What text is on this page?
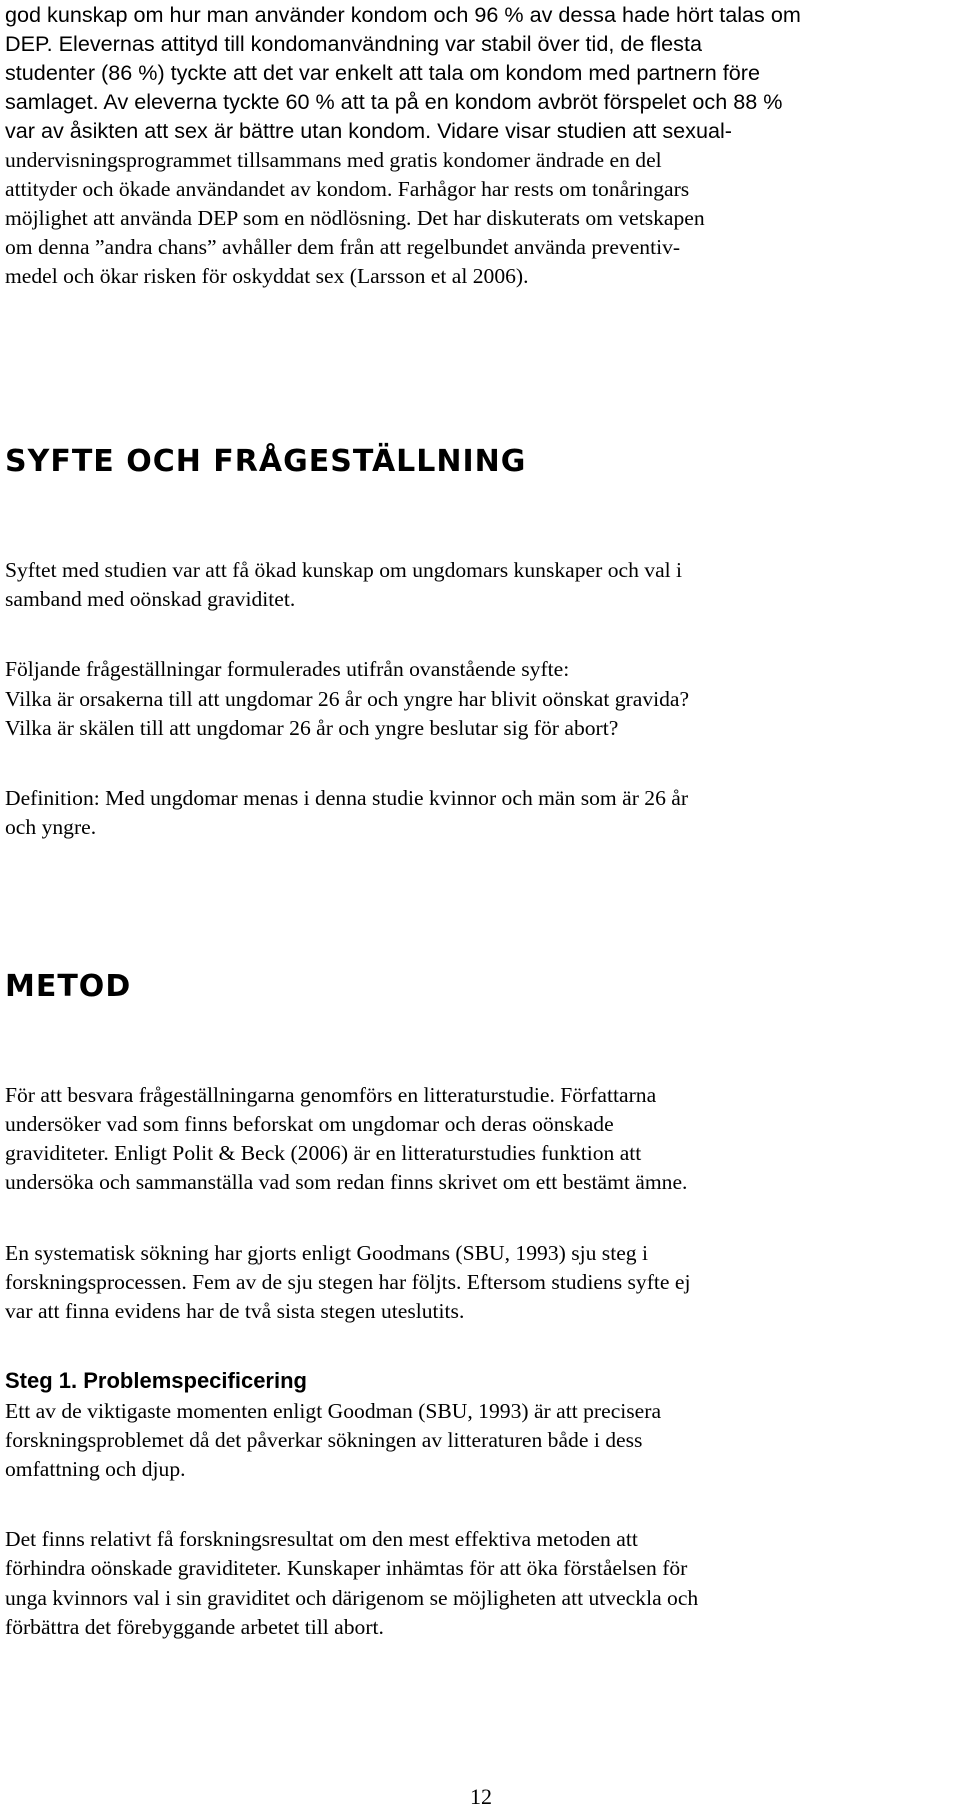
god kunskap om hur man använder kondom och 96 % av dessa hade hört talas om
DEP. Elevernas attityd till kondomanvändning var stabil över tid, de flesta
studenter (86 %) tyckte att det var enkelt att tala om kondom med partnern före
samlaget. Av eleverna tyckte 60 % att ta på en kondom avbröt förspelet och 88 %
var av åsikten att sex är bättre utan kondom. Vidare visar studien att sexual-
undervisningsprogrammet tillsammans med gratis kondomer ändrade en del
attityder och ökade användandet av kondom. Farhågor har rests om tonåringars
möjlighet att använda DEP som en nödlösning. Det har diskuterats om vetskapen
om denna ”andra chans” avhåller dem från att regelbundet använda preventiv-
medel och ökar risken för oskyddat sex (Larsson et al 2006).
SYFTE OCH FRÅGESTÄLLNING
Syftet med studien var att få ökad kunskap om ungdomars kunskaper och val i
samband med oönskad graviditet.
Följande frågeställningar formulerades utifrån ovanstående syfte:
Vilka är orsakerna till att ungdomar 26 år och yngre har blivit oönskat gravida?
Vilka är skälen till att ungdomar 26 år och yngre beslutar sig för abort?
Definition: Med ungdomar menas i denna studie kvinnor och män som är 26 år
och yngre.
METOD
För att besvara frågeställningarna genomförs en litteraturstudie. Författarna
undersöker vad som finns beforskat om ungdomar och deras oönskade
graviditeter. Enligt Polit & Beck (2006) är en litteraturstudies funktion att
undersöka och sammanställa vad som redan finns skrivet om ett bestämt ämne.
En systematisk sökning har gjorts enligt Goodmans (SBU, 1993) sju steg i
forskningsprocessen. Fem av de sju stegen har följts. Eftersom studiens syfte ej
var att finna evidens har de två sista stegen uteslutits.
Steg 1. Problemspecificering
Ett av de viktigaste momenten enligt Goodman (SBU, 1993) är att precisera
forskningsproblemet då det påverkar sökningen av litteraturen både i dess
omfattning och djup.
Det finns relativt få forskningsresultat om den mest effektiva metoden att
förhindra oönskade graviditeter. Kunskaper inhämtas för att öka förståelsen för
unga kvinnors val i sin graviditet och därigenom se möjligheten att utveckla och
förbättra det förebyggande arbetet till abort.
12
